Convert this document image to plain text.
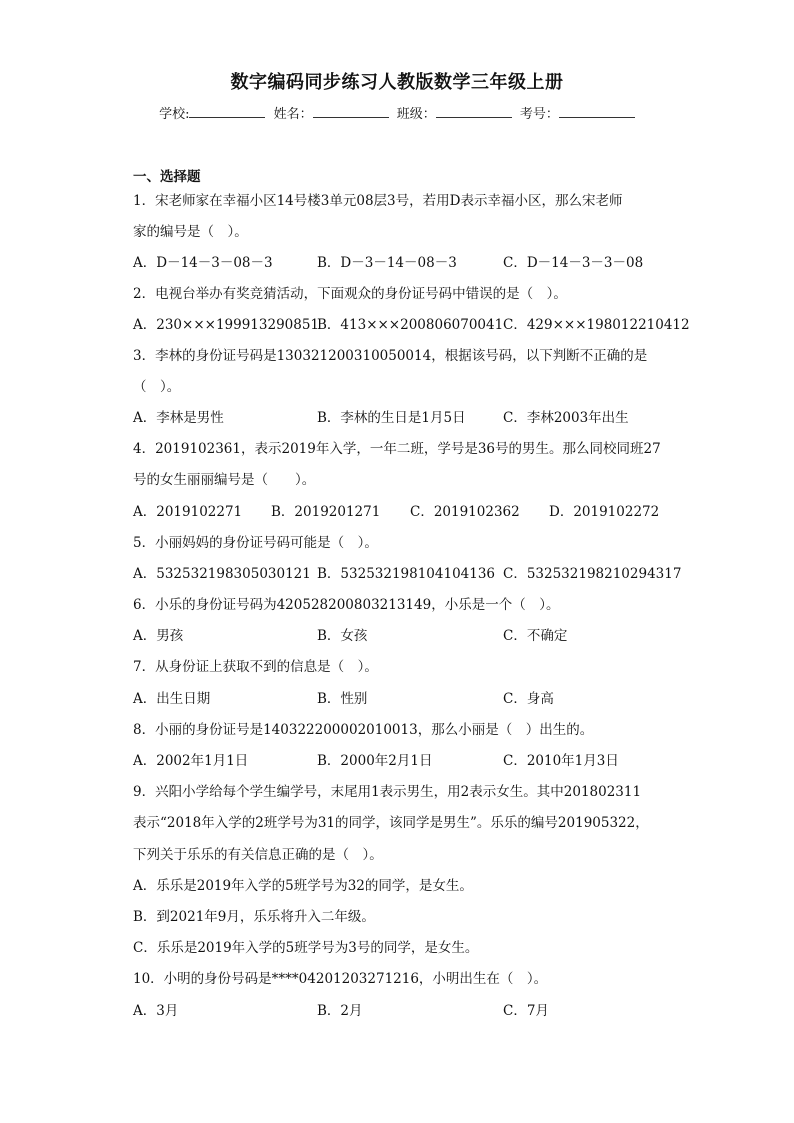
数字编码同步练习人教版数学三年级上册
学校:	姓名：	班级：	考号：
一、选择题
1．宋老师家在幸福小区14号楼3单元08层3号，若用D表示幸福小区，那么宋老师
家的编号是（　）。
A．D－14－3－08－3	B．D－3－14－08－3	C．D－14－3－3－08
2．电视台举办有奖竞猜活动，下面观众的身份证号码中错误的是（　）。
A．230×××199913290851
B．413×××200806070041 C．429×××198012210412
3．李林的身份证号码是130321200310050014，根据该号码，以下判断不正确的是
（　）。
A．李林是男性	B．李林的生日是1月5日	C．李林2003年出生
4．2019102361，表示2019年入学，一年二班，学号是36号的男生。那么同校同班27
号的女生丽丽编号是（　　）。
A．2019102271 B．2019201271 C．2019102362 D．2019102272
5．小丽妈妈的身份证号码可能是（　）。
A．532532198305030121 B．532532198104104136 C．532532198210294317
6．小乐的身份证号码为420528200803213149，小乐是一个（　）。
A．男孩	B．女孩	C．不确定
7．从身份证上获取不到的信息是（　）。
A．出生日期	B．性别	C．身高
8．小丽的身份证号是140322200002010013，那么小丽是（　）出生的。
A．2002年1月1日	B．2000年2月1日	C．2010年1月3日
9．兴阳小学给每个学生编学号，末尾用1表示男生，用2表示女生。其中201802311
表示“2018年入学的2班学号为31的同学，该同学是男生”。乐乐的编号201905322，
下列关于乐乐的有关信息正确的是（　）。
A．乐乐是2019年入学的5班学号为32的同学，是女生。
B．到2021年9月，乐乐将升入二年级。
C．乐乐是2019年入学的5班学号为3号的同学，是女生。
10．小明的身份号码是****04201203271216，小明出生在（　）。
A．3月	B．2月	C．7月
